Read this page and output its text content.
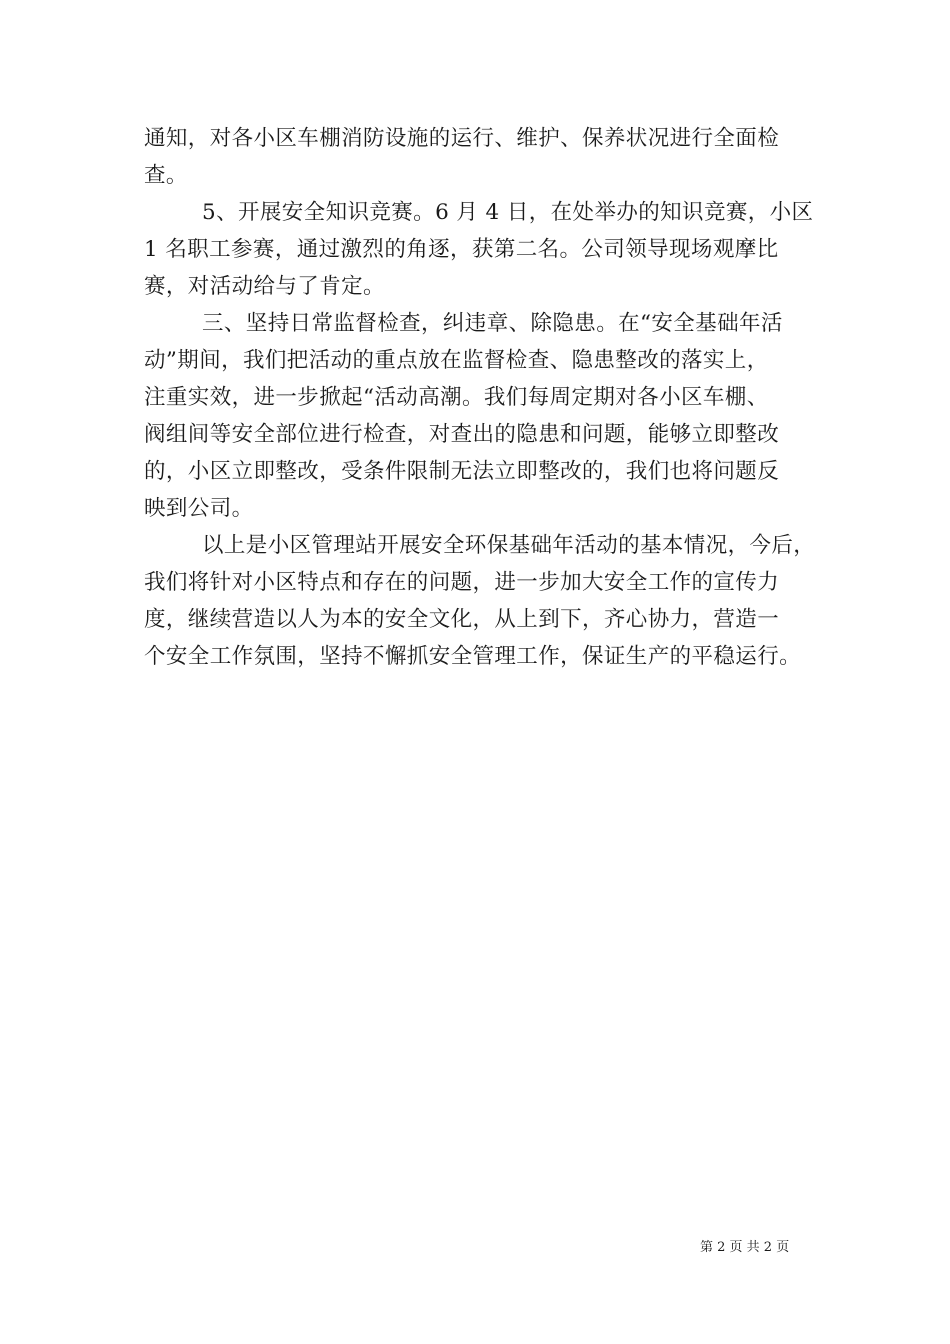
通知，对各小区车棚消防设施的运行、维护、保养状况进行全面检
查。
5、开展安全知识竞赛。6 月 4 日，在处举办的知识竞赛，小区
1 名职工参赛，通过激烈的角逐，获第二名。公司领导现场观摩比
赛，对活动给与了肯定。
三、坚持日常监督检查，纠违章、除隐患。在“安全基础年活
动”期间，我们把活动的重点放在监督检查、隐患整改的落实上，
注重实效，进一步掀起“活动高潮。我们每周定期对各小区车棚、
阀组间等安全部位进行检查，对查出的隐患和问题，能够立即整改
的，小区立即整改，受条件限制无法立即整改的，我们也将问题反
映到公司。
以上是小区管理站开展安全环保基础年活动的基本情况，今后，
我们将针对小区特点和存在的问题，进一步加大安全工作的宣传力
度，继续营造以人为本的安全文化，从上到下，齐心协力，营造一
个安全工作氛围，坚持不懈抓安全管理工作，保证生产的平稳运行。
第 2 页 共 2 页
